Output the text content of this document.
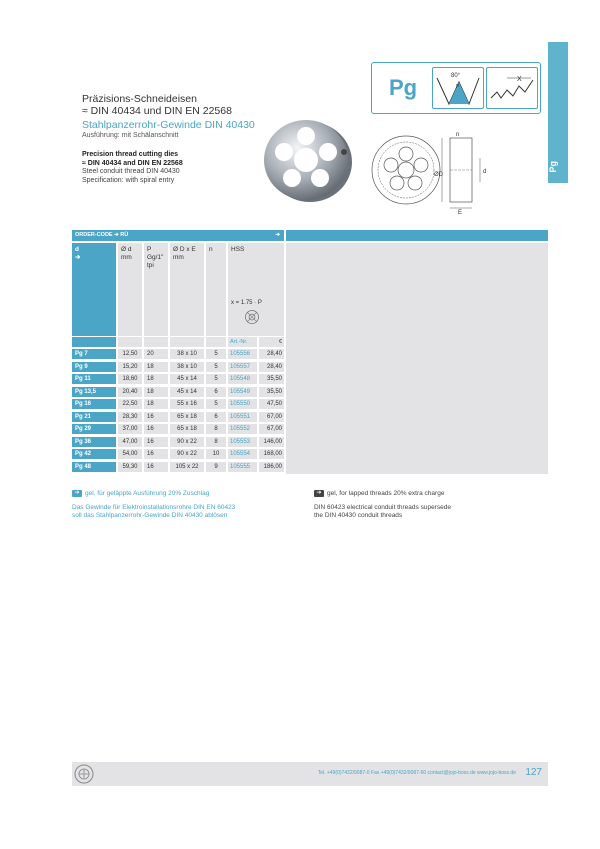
Pg
Präzisions-Schneideisen
≈ DIN 40434 und DIN EN 22568
Stahlpanzerrohr-Gewinde DIN 40430
Ausführung: mit Schälanschnitt
Precision thread cutting dies
≈ DIN 40434 and DIN EN 22568
Steel conduit thread DIN 40430
Specification: with spiral entry
n
d
E
ØD
Pg	80°
P
X
ORDER-CODE ➔ RÜ	➔
d
➔
Ø d
mm
P
Gg/1"
tpi
Ø D x E
mm
n	HSS
x = 1.75 · P
Art.-Nr.	€
Pg 7	12,50	20	38 x 10	5	105556	28,40
Pg 9	15,20	18	38 x 10	5	105557	28,40
Pg 11	18,60	18	45 x 14	5	105548	35,50
Pg 13,5	20,40	18	45 x 14	6	105549	35,50
Pg 16	22,50	18	55 x 16	5	105550	47,50
Pg 21	28,30	16	65 x 18	6	105551	67,00
Pg 29	37,00	16	65 x 18	8	105552	67,00
Pg 36	47,00	16	90 x 22	8	105553	146,00
Pg 42	54,00	16	90 x 22	10	105554	168,00
Pg 48	59,30	16	105 x 22	9	105555	186,00
➔ gel, für geläppte Ausführung 20% Zuschlag
Das Gewinde für Elektroinstallationsrohre DIN EN 60423
soll das Stahlpanzerrohr-Gewinde DIN 40430 ablösen
➔ gel, for lapped threads 20% extra charge
DIN 60423 electrical conduit threads supersede
the DIN 40430 conduit threads
Tel. +49(0)7432/9087-0 Fax +49(0)7432/9087-60 contact@jojo-boss.de www.jojo-boss.de 127
